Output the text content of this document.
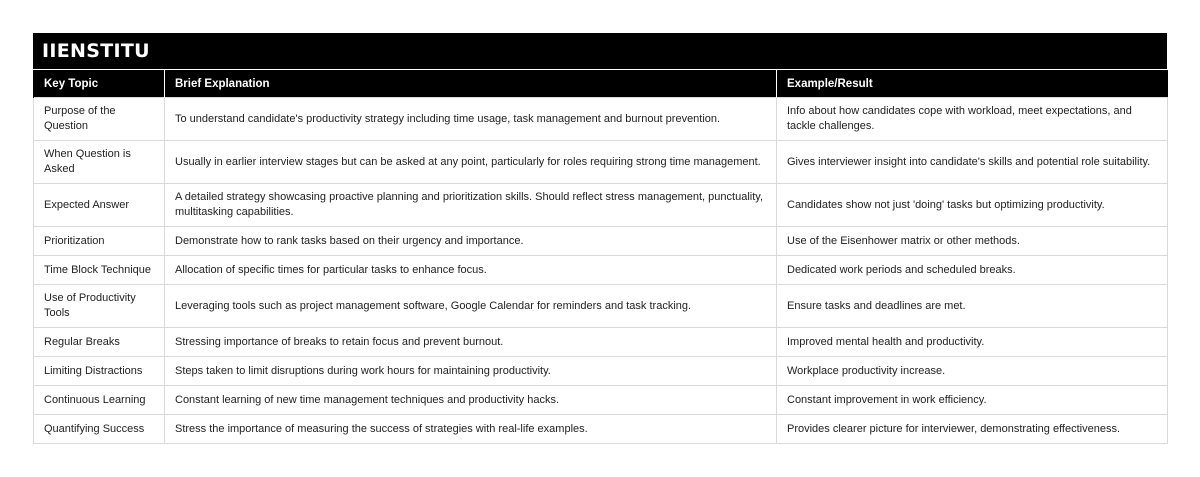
IIENSTITU
Key Topic	Brief Explanation	Example/Result
Purpose of the Question	To understand candidate's productivity strategy including time usage, task management and burnout prevention.	Info about how candidates cope with workload, meet expectations, and tackle challenges.
When Question is Asked	Usually in earlier interview stages but can be asked at any point, particularly for roles requiring strong time management.	Gives interviewer insight into candidate's skills and potential role suitability.
Expected Answer	A detailed strategy showcasing proactive planning and prioritization skills. Should reflect stress management, punctuality, multitasking capabilities.	Candidates show not just 'doing' tasks but optimizing productivity.
Prioritization	Demonstrate how to rank tasks based on their urgency and importance.	Use of the Eisenhower matrix or other methods.
Time Block Technique	Allocation of specific times for particular tasks to enhance focus.	Dedicated work periods and scheduled breaks.
Use of Productivity Tools	Leveraging tools such as project management software, Google Calendar for reminders and task tracking.	Ensure tasks and deadlines are met.
Regular Breaks	Stressing importance of breaks to retain focus and prevent burnout.	Improved mental health and productivity.
Limiting Distractions	Steps taken to limit disruptions during work hours for maintaining productivity.	Workplace productivity increase.
Continuous Learning	Constant learning of new time management techniques and productivity hacks.	Constant improvement in work efficiency.
Quantifying Success	Stress the importance of measuring the success of strategies with real-life examples.	Provides clearer picture for interviewer, demonstrating effectiveness.
